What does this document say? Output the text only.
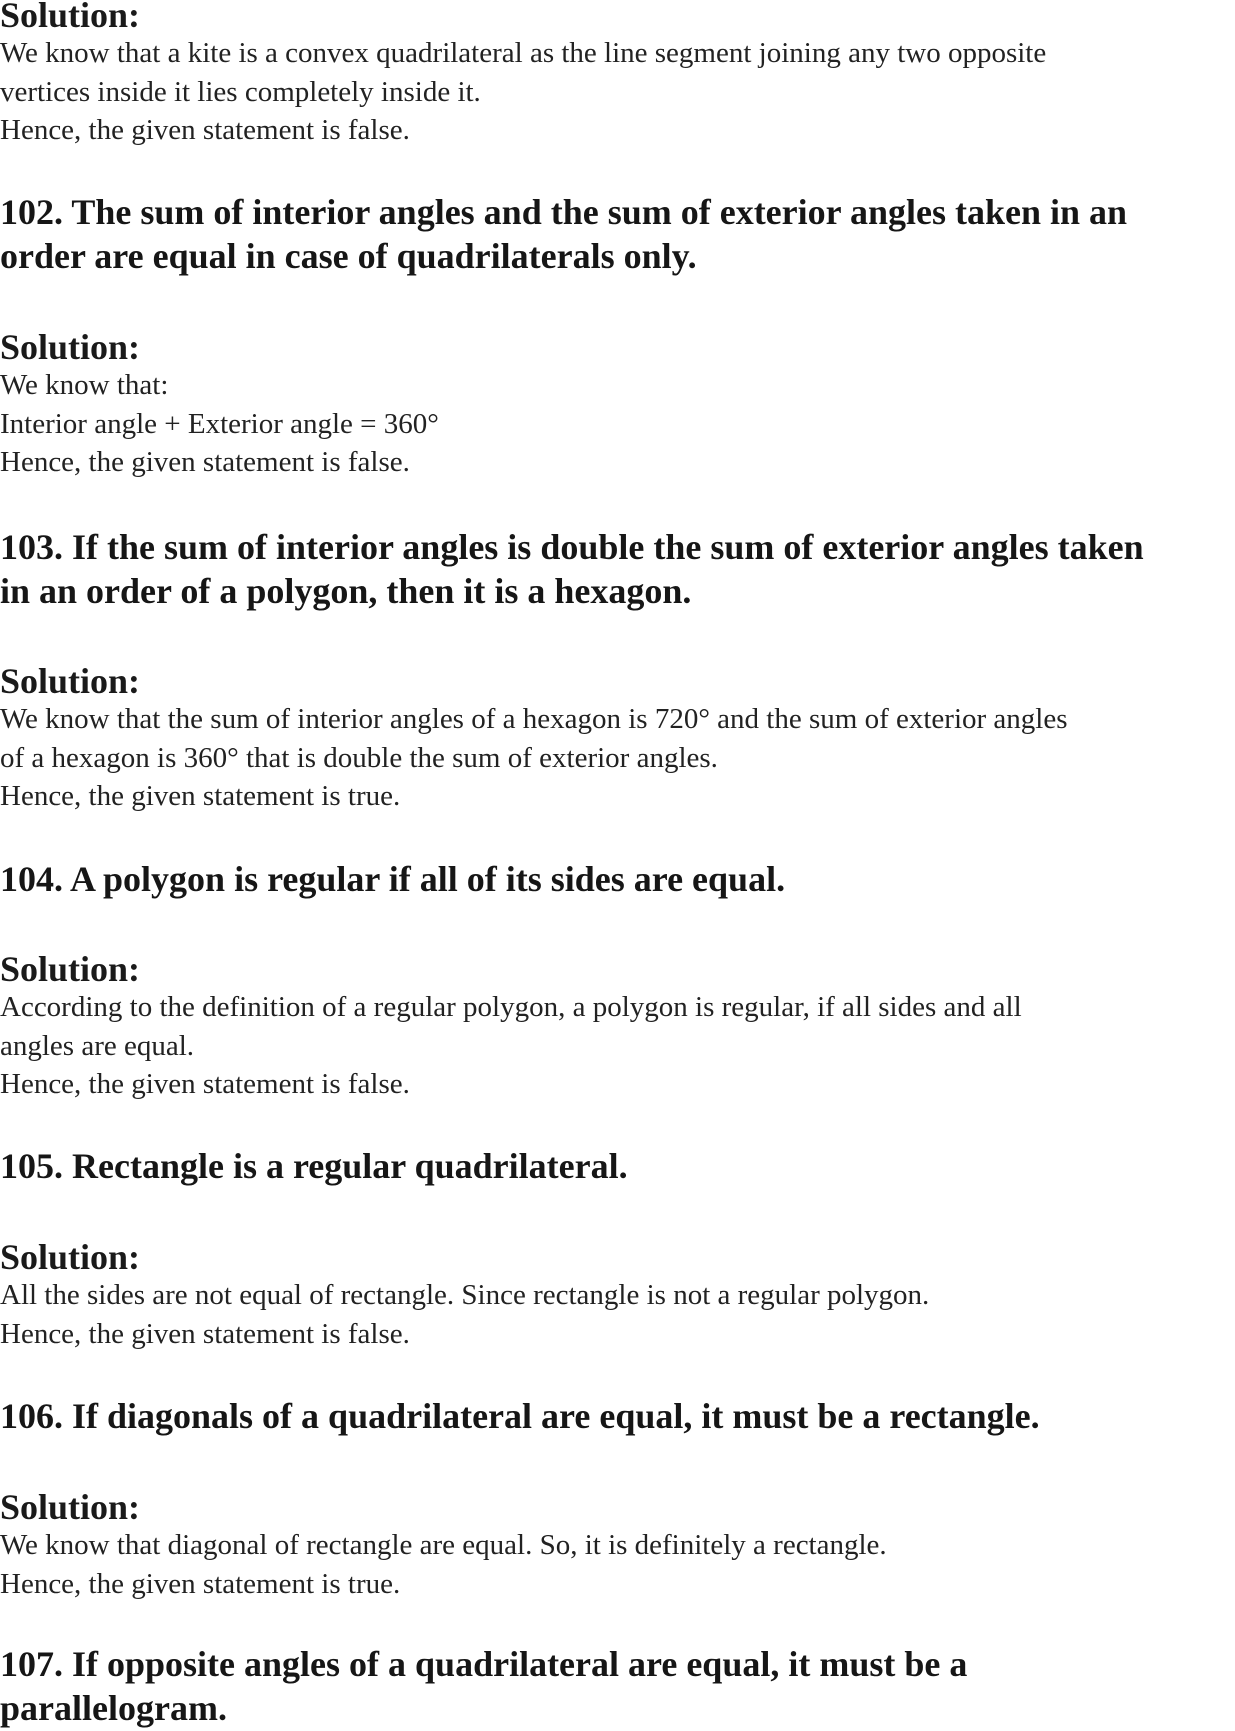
Solution:

We know that a kite is a convex quadrilateral as the line segment joining any two opposite

vertices inside it lies completely inside it.

Hence, the given statement is false.

102. The sum of interior angles and the sum of exterior angles taken in an

order are equal in case of quadrilaterals only.

Solution:

We know that:

Interior angle + Exterior angle = 360°

Hence, the given statement is false.

103. If the sum of interior angles is double the sum of exterior angles taken

in an order of a polygon, then it is a hexagon.

Solution:

We know that the sum of interior angles of a hexagon is 720° and the sum of exterior angles

of a hexagon is 360° that is double the sum of exterior angles.

Hence, the given statement is true.

104. A polygon is regular if all of its sides are equal.

Solution:

According to the definition of a regular polygon, a polygon is regular, if all sides and all

angles are equal.

Hence, the given statement is false.

105. Rectangle is a regular quadrilateral.

Solution:

All the sides are not equal of rectangle. Since rectangle is not a regular polygon.

Hence, the given statement is false.

106. If diagonals of a quadrilateral are equal, it must be a rectangle.

Solution:

We know that diagonal of rectangle are equal. So, it is definitely a rectangle.

Hence, the given statement is true.

107. If opposite angles of a quadrilateral are equal, it must be a

parallelogram.
